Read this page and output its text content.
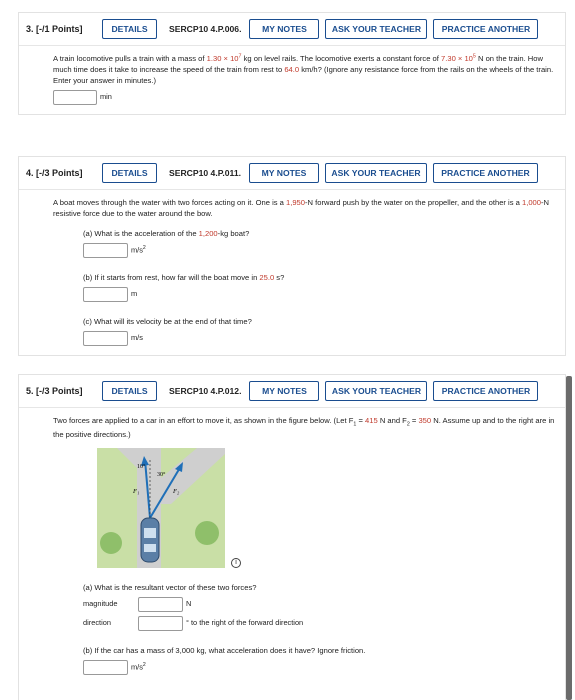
3. [-/1 Points]	DETAILS	SERCP10 4.P.006.	MY NOTES	ASK YOUR TEACHER	PRACTICE ANOTHER
A train locomotive pulls a train with a mass of $1.30 \times 10^7$ kg on level rails. The locomotive exerts a constant force of $7.30 \times 10^5$ N on the train. How much time does it take to increase the speed of the train from rest to 64.0 km/h? (Ignore any resistance force from the rails on the wheels of the train. Enter your answer in minutes.)
min
4. [-/3 Points]	DETAILS	SERCP10 4.P.011.	MY NOTES	ASK YOUR TEACHER	PRACTICE ANOTHER
A boat moves through the water with two forces acting on it. One is a 1,950-N forward push by the water on the propeller, and the other is a 1,000-N resistive force due to the water around the bow.
(a) What is the acceleration of the 1,200-kg boat?
$m/s^2$
(b) If it starts from rest, how far will the boat move in 25.0 s?
m
(c) What will its velocity be at the end of that time?
m/s
5. [-/3 Points]	DETAILS	SERCP10 4.P.012.	MY NOTES	ASK YOUR TEACHER	PRACTICE ANOTHER
Two forces are applied to a car in an effort to move it, as shown in the figure below. (Let $F_1 = 415$ N and $F_2 = 350$ N. Assume up and to the right are in the positive directions.)
10°
30°
F₁	F₂
i
(a) What is the resultant vector of these two forces?
magnitude	N
direction	° to the right of the forward direction
(b) If the car has a mass of 3,000 kg, what acceleration does it have? Ignore friction.
$m/s^2$
